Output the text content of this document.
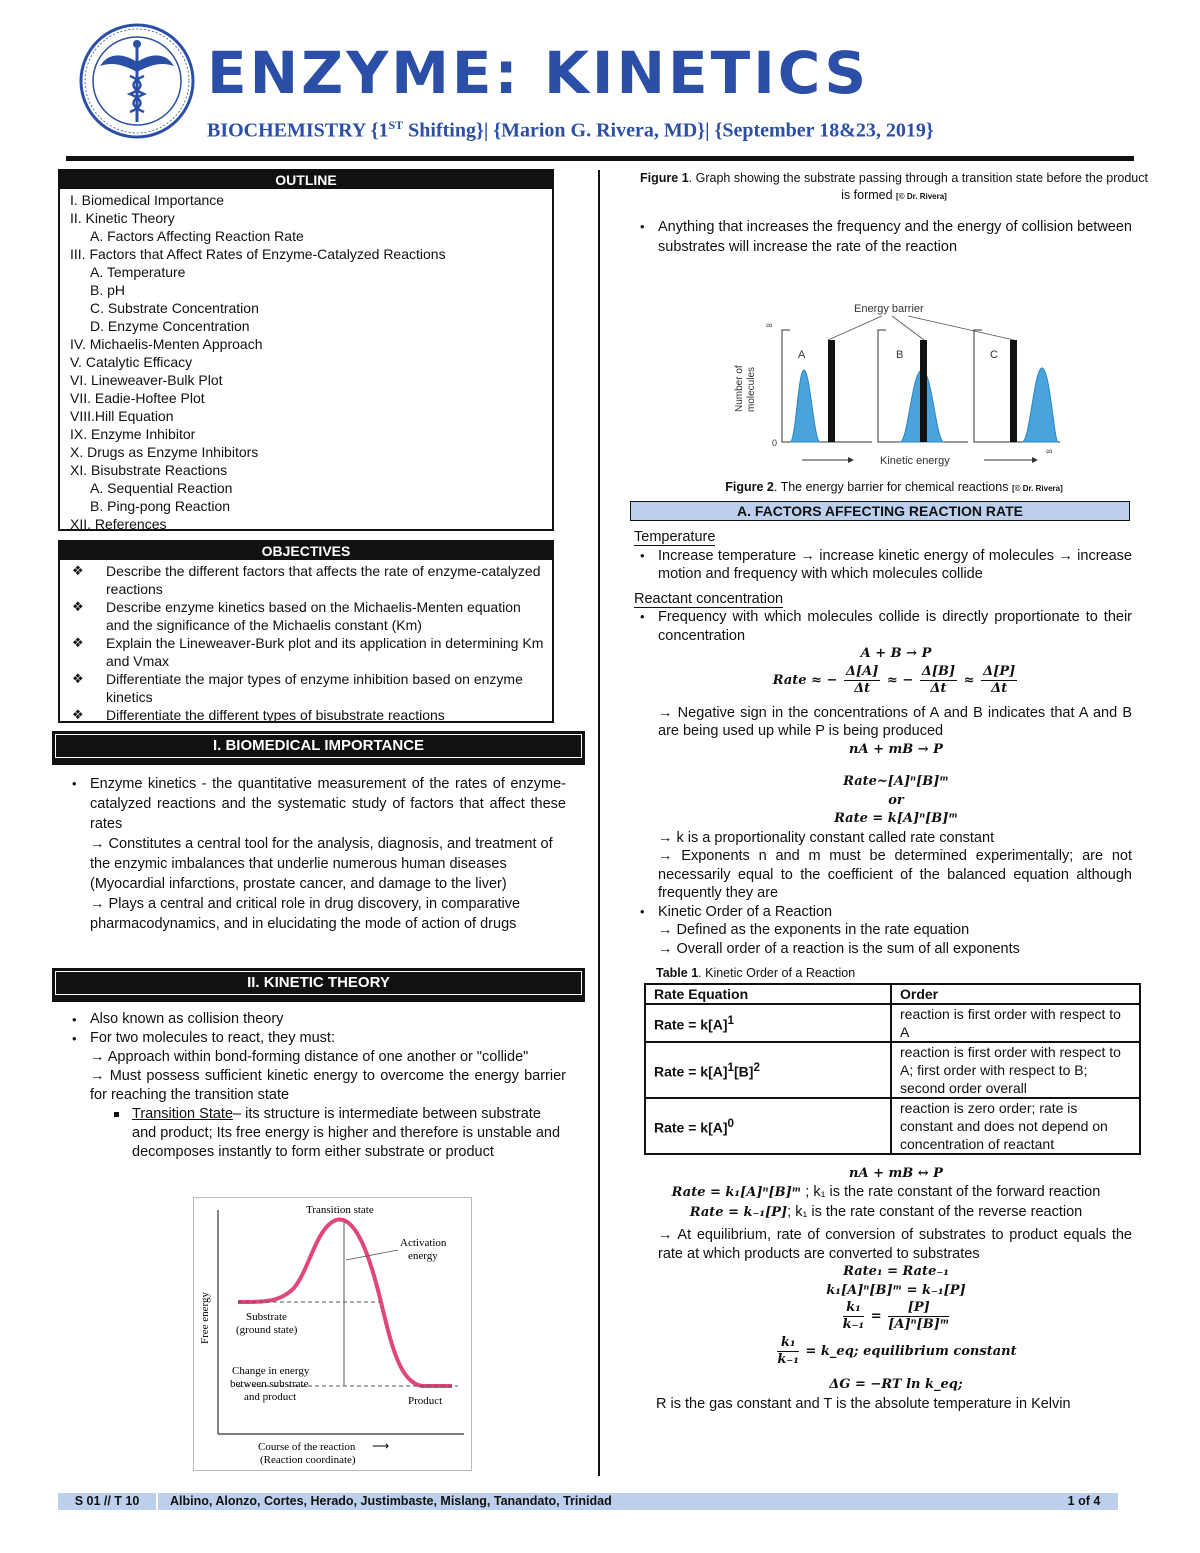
ENZYME: KINETICS

BIOCHEMISTRY {1ST Shifting}| {Marion G. Rivera, MD}| {September 18&23, 2019}

OUTLINE
I. Biomedical Importance
II. Kinetic Theory
A. Factors Affecting Reaction Rate
III. Factors that Affect Rates of Enzyme-Catalyzed Reactions
A. Temperature
B. pH
C. Substrate Concentration
D. Enzyme Concentration
IV. Michaelis-Menten Approach
V. Catalytic Efficacy
VI. Lineweaver-Bulk Plot
VII. Eadie-Hoftee Plot
VIII.Hill Equation
IX. Enzyme Inhibitor
X. Drugs as Enzyme Inhibitors
XI. Bisubstrate Reactions
A. Sequential Reaction
B. Ping-pong Reaction
XII. References
OBJECTIVES
❖ Describe the different factors that affects the rate of enzyme-catalyzed reactions
❖ Describe enzyme kinetics based on the Michaelis-Menten equation and the significance of the Michaelis constant (Km)
❖ Explain the Lineweaver-Burk plot and its application in determining Km and Vmax
❖ Differentiate the major types of enzyme inhibition based on enzyme kinetics
❖ Differentiate the different types of bisubstrate reactions
I. BIOMEDICAL IMPORTANCE
• Enzyme kinetics - the quantitative measurement of the rates of enzyme-catalyzed reactions and the systematic study of factors that affect these rates
→ Constitutes a central tool for the analysis, diagnosis, and treatment of the enzymic imbalances that underlie numerous human diseases (Myocardial infarctions, prostate cancer, and damage to the liver)
→ Plays a central and critical role in drug discovery, in comparative pharmacodynamics, and in elucidating the mode of action of drugs
II. KINETIC THEORY
• Also known as collision theory
• For two molecules to react, they must:
→ Approach within bond-forming distance of one another or "collide"
→ Must possess sufficient kinetic energy to overcome the energy barrier for reaching the transition state
Transition State– its structure is intermediate between substrate and product; Its free energy is higher and therefore is unstable and decomposes instantly to form either substrate or product
Transition state
Activation
energy
Substrate
(ground state)
Change in energy
between substrate
and product	Product
Free energy
Course of the reaction ⟶
(Reaction coordinate)
Figure 1. Graph showing the substrate passing through a transition state before the product is formed [© Dr. Rivera]
• Anything that increases the frequency and the energy of collision between substrates will increase the rate of the reaction
Energy barrier
Number of molecules
∞
0
A	B	C
Kinetic energy
∞
Figure 2. The energy barrier for chemical reactions [© Dr. Rivera]
A. FACTORS AFFECTING REACTION RATE
Temperature
• Increase temperature → increase kinetic energy of molecules → increase motion and frequency with which molecules collide
Reactant concentration
• Frequency with which molecules collide is directly proportionate to their concentration
A + B → P
Rate ≈ − $\frac{\Delta[A]}{\Delta t}$ ≈ − $\frac{\Delta[B]}{\Delta t} \approx \frac{\Delta[P]}{\Delta t}$
→ Negative sign in the concentrations of A and B indicates that A and B are being used up while P is being produced
nA + mB → P
Rate~[A]ⁿ[B]ᵐ
or
Rate = k[A]ⁿ[B]ᵐ
→ k is a proportionality constant called rate constant
→ Exponents n and m must be determined experimentally; are not necessarily equal to the coefficient of the balanced equation although frequently they are
• Kinetic Order of a Reaction
→ Defined as the exponents in the rate equation
→ Overall order of a reaction is the sum of all exponents
Table 1. Kinetic Order of a Reaction
Rate Equation	Order
Rate = $k[A]^1$	reaction is first order with respect to A
Rate = $k[A]^1[B]^2$	reaction is first order with respect to A; first order with respect to B; second order overall
Rate = $k[A]^0$	reaction is zero order; rate is constant and does not depend on concentration of reactant
nA + mB ↔ P
Rate = k₁[A]ⁿ[B]ᵐ ; k₁ is the rate constant of the forward reaction
Rate = k₋₁[P]; k₁ is the rate constant of the reverse reaction
→ At equilibrium, rate of conversion of substrates to product equals the rate at which products are converted to substrates
Rate₁ = Rate₋₁
k₁[A]ⁿ[B]ᵐ = k₋₁[P]
$\frac{\text{k₁}}{\text{k₋₁}} = \frac{[P]}{\text{[A]ⁿ[B]ᵐ}}$
$\frac{\text{k₁}}{\text{k₋₁}}$ = k_eq; equilibrium constant
ΔG = −RT ln k_eq;
R is the gas constant and T is the absolute temperature in Kelvin
S 01 // T 10	Albino, Alonzo, Cortes, Herado, Justimbaste, Mislang, Tanandato, Trinidad	1 of 4
